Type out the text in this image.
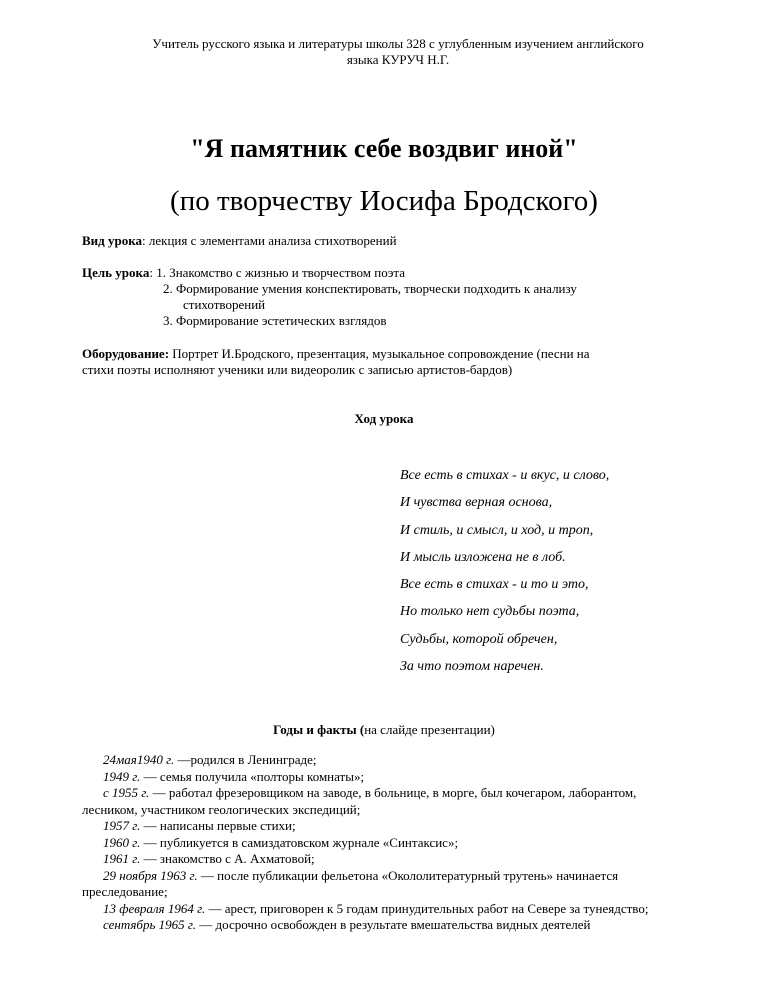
Учитель русского языка и литературы школы 328 с углубленным изучением английского
языка КУРУЧ Н.Г.
"Я памятник себе воздвиг иной"
(по творчеству Иосифа Бродского)
Вид урока: лекция с элементами анализа стихотворений
Цель урока: 1. Знакомство с жизнью и творчеством поэта
2. Формирование умения конспектировать, творчески подходить к анализу
стихотворений
3. Формирование эстетических взглядов
Оборудование: Портрет И.Бродского, презентация, музыкальное сопровождение (песни на
стихи поэты исполняют ученики или видеоролик с записью артистов-бардов)
Ход урока
Все есть в стихах - и вкус, и слово,
И чувства верная основа,
И стиль, и смысл, и ход, и троп,
И мысль изложена не в лоб.
Все есть в стихах - и то и это,
Но только нет судьбы поэта,
Судьбы, которой обречен,
За что поэтом наречен.
Годы и факты (на слайде презентации)
24мая1940 г. —родился в Ленинграде;
1949 г. — семья получила «полторы комнаты»;
с 1955 г. — работал фрезеровщиком на заводе, в больнице, в морге, был кочегаром, лаборантом, лесником, участником геологических экспедиций;
1957 г. — написаны первые стихи;
1960 г. — публикуется в самиздатовском журнале «Синтаксис»;
1961 г. — знакомство с А. Ахматовой;
29 ноября 1963 г. — после публикации фельетона «Окололитературный трутень» начинается преследование;
13 февраля 1964 г. — арест, приговорен к 5 годам принудительных работ на Севере за тунеядство;
сентябрь 1965 г. — досрочно освобожден в результате вмешательства видных деятелей
